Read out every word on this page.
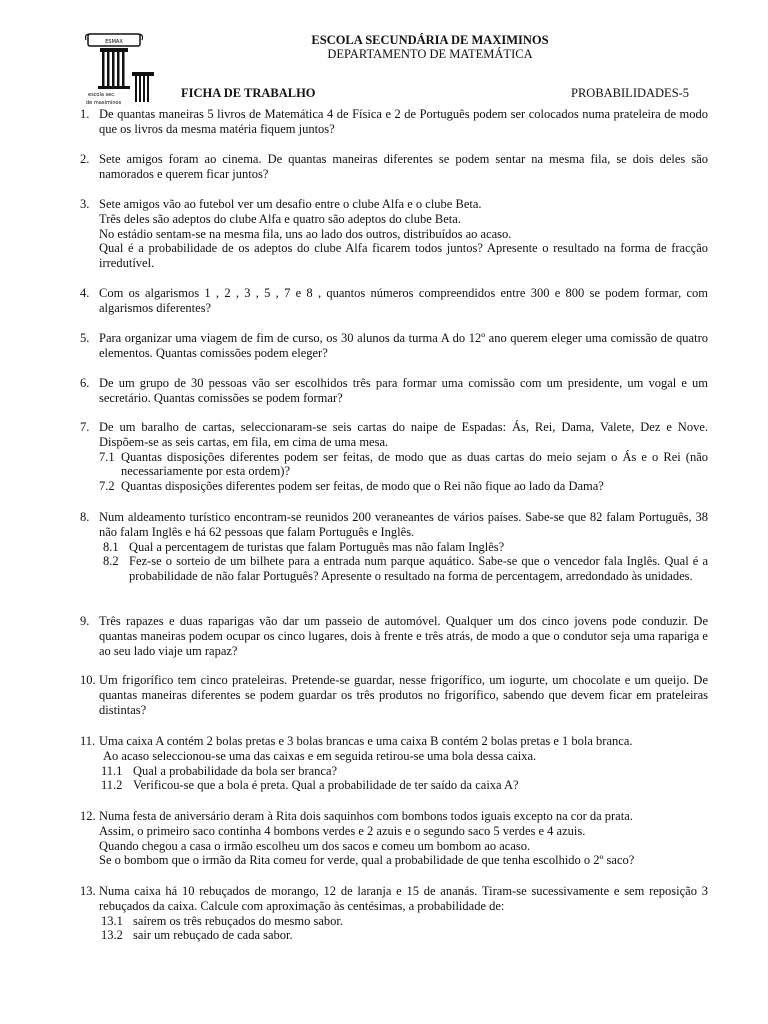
ESMAX
escola sec.
de maximinos
ESCOLA SECUNDÁRIA DE MAXIMINOS
DEPARTAMENTO DE MATEMÁTICA
FICHA DE TRABALHO	PROBABILIDADES-5
1. De quantas maneiras 5 livros de Matemática 4 de Física e 2 de Português podem ser colocados numa prateleira de modo que os livros da mesma matéria fiquem juntos?
2. Sete amigos foram ao cinema. De quantas maneiras diferentes se podem sentar na mesma fila, se dois deles são namorados e querem ficar juntos?
3. Sete amigos vão ao futebol ver um desafio entre o clube Alfa e o clube Beta.
Três deles são adeptos do clube Alfa e quatro são adeptos do clube Beta.
No estádio sentam-se na mesma fila, uns ao lado dos outros, distribuídos ao acaso.
Qual é a probabilidade de os adeptos do clube Alfa ficarem todos juntos? Apresente o resultado na forma de fracção irredutível.
4. Com os algarismos 1 , 2 , 3 , 5 , 7 e 8 , quantos números compreendidos entre 300 e 800 se podem formar, com algarismos diferentes?
5. Para organizar uma viagem de fim de curso, os 30 alunos da turma A do 12º ano querem eleger uma comissão de quatro elementos. Quantas comissões podem eleger?
6. De um grupo de 30 pessoas vão ser escolhidos três para formar uma comissão com um presidente, um vogal e um secretário. Quantas comissões se podem formar?
7. De um baralho de cartas, seleccionaram-se seis cartas do naipe de Espadas: Ás, Rei, Dama, Valete, Dez e Nove. Dispõem-se as seis cartas, em fila, em cima de uma mesa.
7.1 Quantas disposições diferentes podem ser feitas, de modo que as duas cartas do meio sejam o Ás e o Rei (não necessariamente por esta ordem)?
7.2 Quantas disposições diferentes podem ser feitas, de modo que o Rei não fique ao lado da Dama?
8. Num aldeamento turístico encontram-se reunidos 200 veraneantes de vários países. Sabe-se que 82 falam Português, 38 não falam Inglês e há 62 pessoas que falam Português e Inglês.
8.1 Qual a percentagem de turistas que falam Português mas não falam Inglês?
8.2 Fez-se o sorteio de um bilhete para a entrada num parque aquático. Sabe-se que o vencedor fala Inglês. Qual é a probabilidade de não falar Português? Apresente o resultado na forma de percentagem, arredondado às unidades.
9. Três rapazes e duas raparigas vão dar um passeio de automóvel. Qualquer um dos cinco jovens pode conduzir. De quantas maneiras podem ocupar os cinco lugares, dois à frente e três atrás, de modo a que o condutor seja uma rapariga e ao seu lado viaje um rapaz?
10. Um frigorífico tem cinco prateleiras. Pretende-se guardar, nesse frigorífico, um iogurte, um chocolate e um queijo. De quantas maneiras diferentes se podem guardar os três produtos no frigorífico, sabendo que devem ficar em prateleiras distintas?
11. Uma caixa A contém 2 bolas pretas e 3 bolas brancas e uma caixa B contém 2 bolas pretas e 1 bola branca.
Ao acaso seleccionou-se uma das caixas e em seguida retirou-se uma bola dessa caixa.
11.1 Qual a probabilidade da bola ser branca?
11.2 Verificou-se que a bola é preta. Qual a probabilidade de ter saído da caixa A?
12. Numa festa de aniversário deram à Rita dois saquinhos com bombons todos iguais excepto na cor da prata.
Assim, o primeiro saco continha 4 bombons verdes e 2 azuis e o segundo saco 5 verdes e 4 azuis.
Quando chegou a casa o irmão escolheu um dos sacos e comeu um bombom ao acaso.
Se o bombom que o irmão da Rita comeu for verde, qual a probabilidade de que tenha escolhido o 2º saco?
13. Numa caixa há 10 rebuçados de morango, 12 de laranja e 15 de ananás. Tiram-se sucessivamente e sem reposição 3 rebuçados da caixa. Calcule com aproximação às centésimas, a probabilidade de:
13.1 saírem os três rebuçados do mesmo sabor.
13.2 sair um rebuçado de cada sabor.
